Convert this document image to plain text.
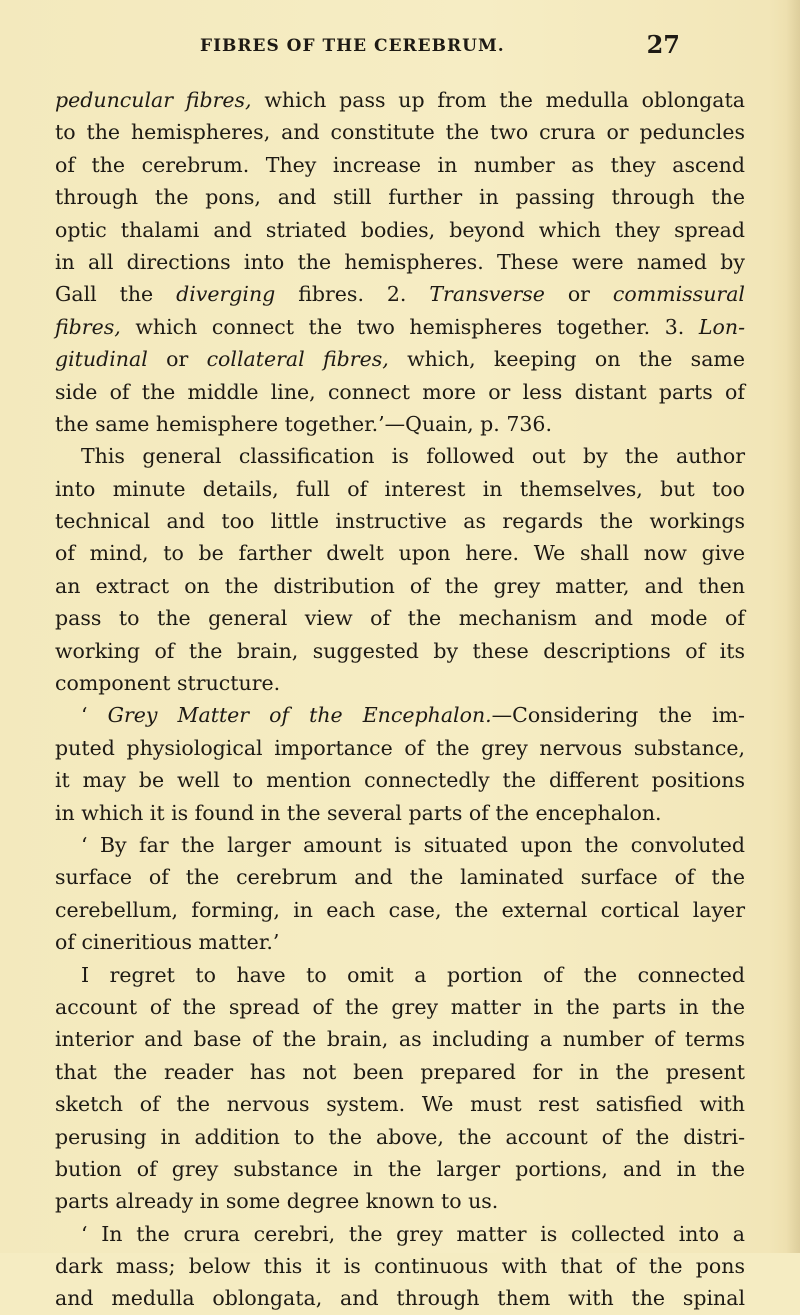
FIBRES OF THE CEREBRUM.	27
peduncular fibres, which pass up from the medulla oblongata
to the hemispheres, and constitute the two crura or peduncles
of the cerebrum. They increase in number as they ascend
through the pons, and still further in passing through the
optic thalami and striated bodies, beyond which they spread
in all directions into the hemispheres. These were named by
Gall the diverging fibres. 2. Transverse or commissural
fibres, which connect the two hemispheres together. 3. Lon-
gitudinal or collateral fibres, which, keeping on the same
side of the middle line, connect more or less distant parts of
the same hemisphere together.’—Quain, p. 736.
This general classification is followed out by the author
into minute details, full of interest in themselves, but too
technical and too little instructive as regards the workings
of mind, to be farther dwelt upon here. We shall now give
an extract on the distribution of the grey matter, and then
pass to the general view of the mechanism and mode of
working of the brain, suggested by these descriptions of its
component structure.
‘ Grey Matter of the Encephalon.—Considering the im-
puted physiological importance of the grey nervous substance,
it may be well to mention connectedly the different positions
in which it is found in the several parts of the encephalon.
‘ By far the larger amount is situated upon the convoluted
surface of the cerebrum and the laminated surface of the
cerebellum, forming, in each case, the external cortical layer
of cineritious matter.’
I regret to have to omit a portion of the connected
account of the spread of the grey matter in the parts in the
interior and base of the brain, as including a number of terms
that the reader has not been prepared for in the present
sketch of the nervous system. We must rest satisfied with
perusing in addition to the above, the account of the distri-
bution of grey substance in the larger portions, and in the
parts already in some degree known to us.
‘ In the crura cerebri, the grey matter is collected into a
dark mass; below this it is continuous with that of the pons
and medulla oblongata, and through them with the spinal
